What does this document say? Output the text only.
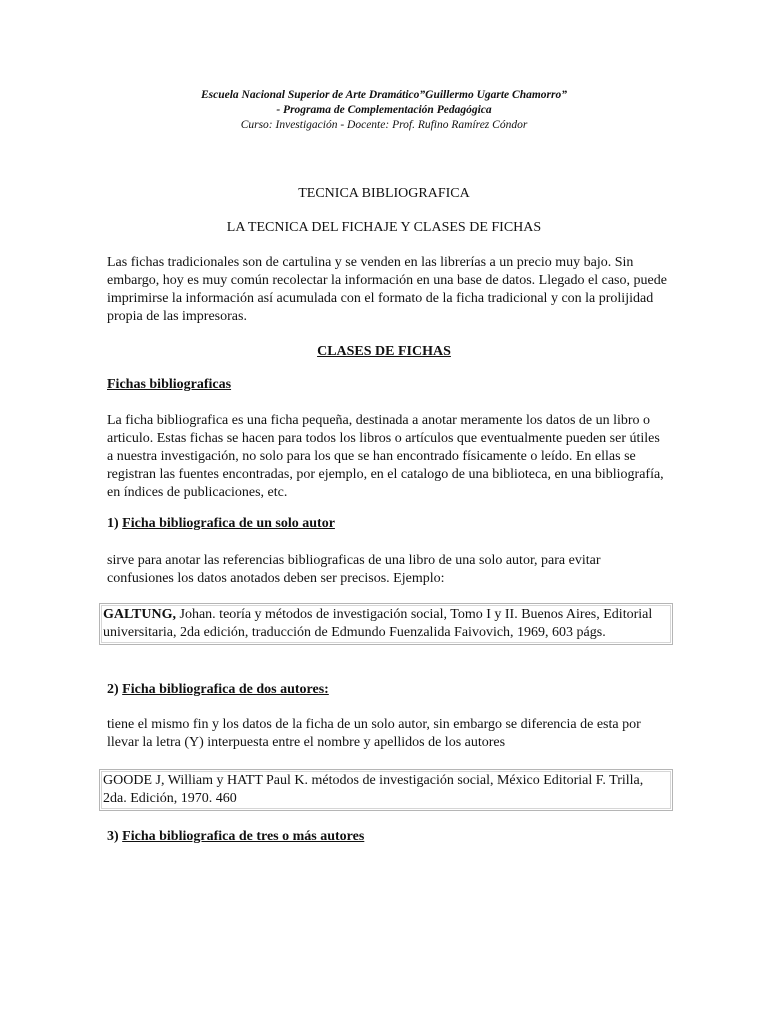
Escuela Nacional Superior de Arte Dramático”Guillermo Ugarte Chamorro”
- Programa de Complementación Pedagógica
Curso: Investigación - Docente: Prof. Rufino Ramírez Cóndor
TECNICA BIBLIOGRAFICA
LA TECNICA DEL FICHAJE Y CLASES DE FICHAS
Las fichas tradicionales son de cartulina y se venden en las librerías a un precio muy bajo. Sin embargo, hoy es muy común recolectar la información en una base de datos. Llegado el caso, puede imprimirse la información así acumulada con el formato de la ficha tradicional y con la prolijidad propia de las impresoras.
CLASES DE FICHAS
Fichas bibliograficas
La ficha bibliografica es una ficha pequeña, destinada a anotar meramente los datos de un libro o articulo. Estas fichas se hacen para todos los libros o artículos que eventualmente pueden ser útiles a nuestra investigación, no solo para los que se han encontrado físicamente o leído. En ellas se registran las fuentes encontradas, por ejemplo, en el catalogo de una biblioteca, en una bibliografía, en índices de publicaciones, etc.
1) Ficha bibliografica de un solo autor
sirve para anotar las referencias bibliograficas de una libro de una solo autor, para evitar confusiones los datos anotados deben ser precisos. Ejemplo:
GALTUNG, Johan. teoría y métodos de investigación social, Tomo I y II. Buenos Aires, Editorial universitaria, 2da edición, traducción de Edmundo Fuenzalida Faivovich, 1969, 603 págs.
2) Ficha bibliografica de dos autores:
tiene el mismo fin y los datos de la ficha de un solo autor, sin embargo se diferencia de esta por llevar la letra (Y) interpuesta entre el nombre y apellidos de los autores
GOODE J, William y HATT Paul K. métodos de investigación social, México Editorial F. Trilla, 2da. Edición, 1970. 460
3) Ficha bibliografica de tres o más autores
